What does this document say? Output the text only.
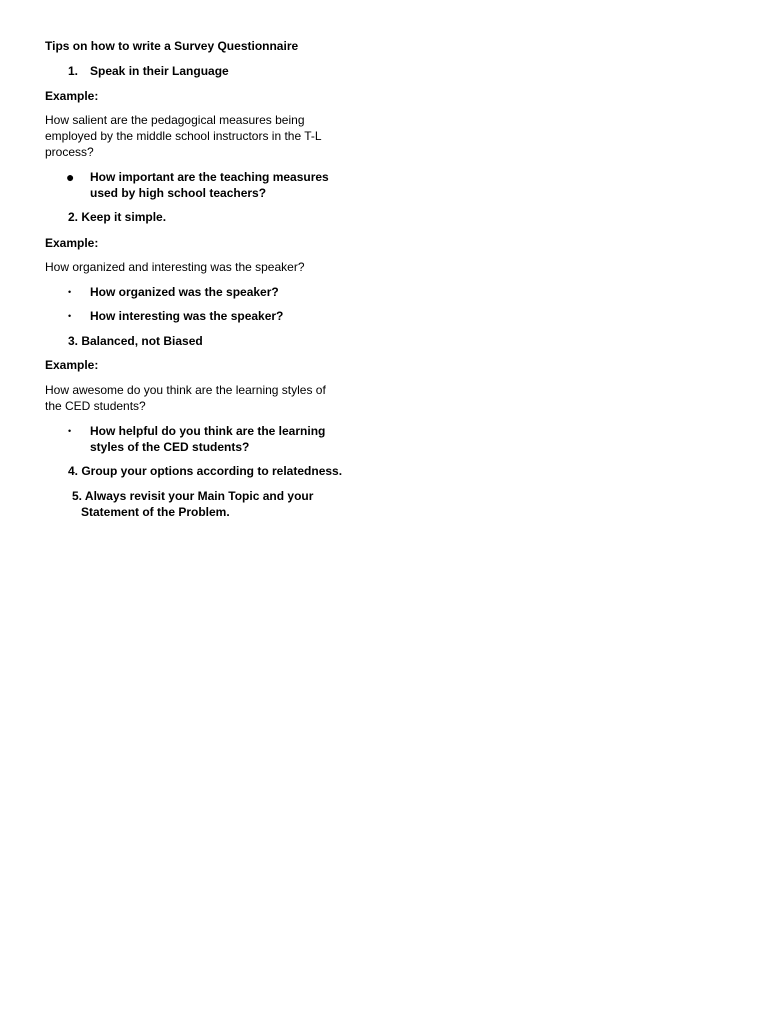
Tips on how to write a Survey Questionnaire

1. Speak in their Language

Example:

How salient are the pedagogical measures being

employed by the middle school instructors in the T-L

process?

● How important are the teaching measures

used by high school teachers?

2. Keep it simple.

Example:

How organized and interesting was the speaker?

• How organized was the speaker?

• How interesting was the speaker?

3. Balanced, not Biased

Example:

How awesome do you think are the learning styles of

the CED students?

• How helpful do you think are the learning

styles of the CED students?

4. Group your options according to relatedness.

5. Always revisit your Main Topic and your

Statement of the Problem.
